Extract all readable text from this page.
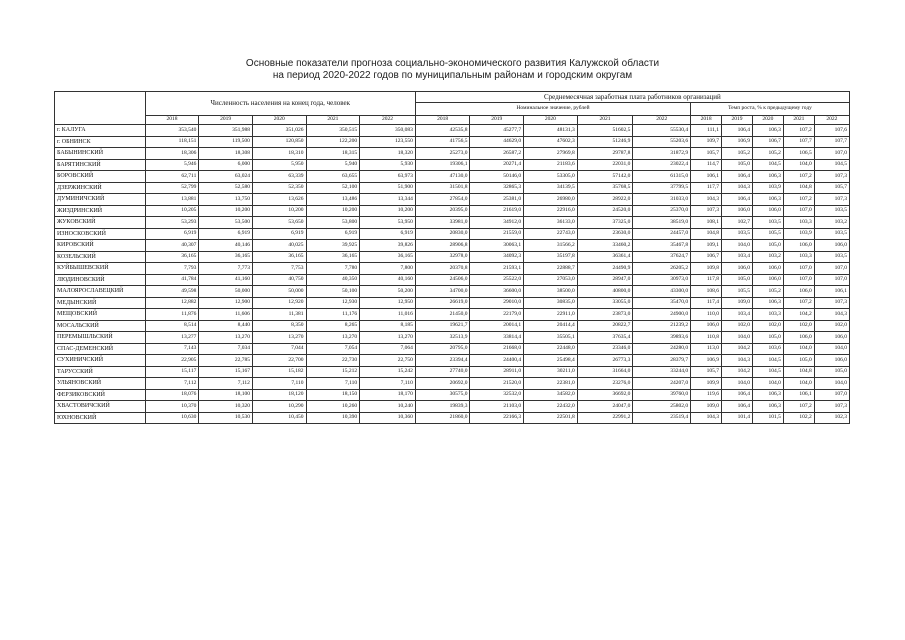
Основные показатели прогноза социально-экономического развития Калужской области
на период 2020-2022 годов по муниципальным районам и городским округам
	Численность населения на конец года, человек					Среднемесячная заработная плата работников организаций									
						Номинальное значение, рублей					Темп роста, % к предыдущему году				
	2018	2019	2020	2021	2022	2018	2019	2020	2021	2022	2018	2019	2020	2021	2022
г. КАЛУГА	353,540	351,988	351,026	350,515	350,083	42535,8	45277,7	48131,3	51602,5	55530,4	111,1	106,4	106,3	107,2	107,6
г. ОБНИНСК	118,151	119,500	120,850	122,200	123,550	41756,5	44629,0	47602,3	51246,9	55203,6	109,7	106,9	106,7	107,7	107,7
БАБЫНИНСКИЙ	18,306	18,308	18,310	18,315	18,320	25273,0	26587,2	27969,8	29787,8	31872,9	105,7	105,2	105,2	106,5	107,0
БАРЯТИНСКИЙ	5,946	6,000	5,950	5,940	5,930	19306,1	20271,4	21183,6	22031,0	23022,4	114,7	105,0	104,5	104,0	104,5
БОРОВСКИЙ	62,711	63,024	63,339	63,655	63,973	47130,0	50146,0	53305,0	57142,0	61315,0	106,1	106,4	106,3	107,2	107,3
ДЗЕРЖИНСКИЙ	52,799	52,580	52,350	52,100	51,900	31501,8	32865,3	34139,5	35768,5	37799,5	117,7	104,3	103,9	104,8	105,7
ДУМИНИЧСКИЙ	13,881	13,750	13,626	13,486	13,344	27854,0	25381,0	26980,0	28922,0	31033,0	104,3	106,4	106,3	107,2	107,3
ЖИЗДРИНСКИЙ	10,205	10,200	10,200	10,200	10,200	20395,0	21619,0	22916,0	24520,0	25370,0	107,3	106,0	106,0	107,0	103,5
ЖУКОВСКИЙ	53,293	53,500	53,650	53,800	53,950	33981,0	34912,0	36133,0	37325,0	38519,0	108,1	102,7	103,5	103,3	103,2
ИЗНОСКОВСКИЙ	6,919	6,919	6,919	6,919	6,919	20830,0	21559,0	22743,0	23630,0	24457,0	104,8	103,5	105,5	103,9	103,5
КИРОВСКИЙ	40,307	40,146	40,025	39,925	39,826	28906,8	30063,1	31566,2	33460,2	35467,8	109,1	104,0	105,0	106,0	106,0
КОЗЕЛЬСКИЙ	36,165	36,165	36,165	36,165	36,165	32978,0	34092,3	35197,8	36361,4	37624,7	106,7	103,4	103,2	103,3	103,5
КУЙБЫШЕВСКИЙ	7,793	7,773	7,753	7,780	7,800	20370,8	21593,1	22888,7	24490,9	26205,2	109,8	106,0	106,0	107,0	107,0
ЛЮДИНОВСКИЙ	41,784	41,160	40,750	40,350	40,160	24506,0	25522,0	27053,0	28947,0	30973,0	117,8	105,0	106,0	107,0	107,0
МАЛОЯРОСЛАВЕЦКИЙ	49,598	50,000	50,000	50,100	50,200	34700,0	36600,0	38500,0	40800,0	43300,0	108,6	105,5	105,2	106,0	106,1
МЕДЫНСКИЙ	12,882	12,900	12,920	12,930	12,950	26619,0	29010,0	30835,0	33055,0	35470,0	117,4	109,0	106,3	107,2	107,3
МЕЩОВСКИЙ	11,876	11,606	11,381	11,176	11,016	21450,0	22179,0	22911,0	23873,0	24900,0	110,0	103,4	103,3	104,2	104,3
МОСАЛЬСКИЙ	8,514	8,440	8,350	8,265	8,185	19621,7	20014,1	20414,4	20822,7	21239,2	106,0	102,0	102,0	102,0	102,0
ПЕРЕМЫШЛЬСКИЙ	13,277	13,270	13,270	13,270	13,270	32513,9	33814,4	35505,1	37635,4	39893,6	110,8	104,0	105,0	106,0	106,0
СПАС-ДЕМЕНСКИЙ	7,143	7,034	7,044	7,054	7,064	20795,0	21668,0	22448,0	23346,0	24280,0	113,0	104,2	103,6	104,0	104,0
СУХИНИЧСКИЙ	22,905	22,785	22,700	22,730	22,750	23394,4	24400,4	25498,4	26773,3	28379,7	106,9	104,3	104,5	105,0	106,0
ТАРУССКИЙ	15,117	15,167	15,182	15,212	15,242	27740,0	28911,0	30211,0	31664,0	33244,0	105,7	104,2	104,5	104,8	105,0
УЛЬЯНОВСКИЙ	7,112	7,112	7,110	7,110	7,110	20692,0	21520,0	22381,0	23276,0	24207,0	109,9	104,0	104,0	104,0	104,0
ФЕРЗИКОВСКИЙ	18,076	18,100	18,120	18,150	18,170	30575,0	32532,0	34582,0	36692,0	39760,0	119,6	106,4	106,3	106,1	107,0
ХВАСТОВИЧСКИЙ	10,370	10,320	10,290	10,260	10,240	19839,3	21103,0	22432,0	24047,0	25802,0	109,0	106,4	106,3	107,2	107,3
ЮХНОВСКИЙ	10,630	10,530	10,450	10,390	10,360	21860,0	22166,3	22501,8	22991,2	23519,4	104,3	101,4	101,5	102,2	102,3
